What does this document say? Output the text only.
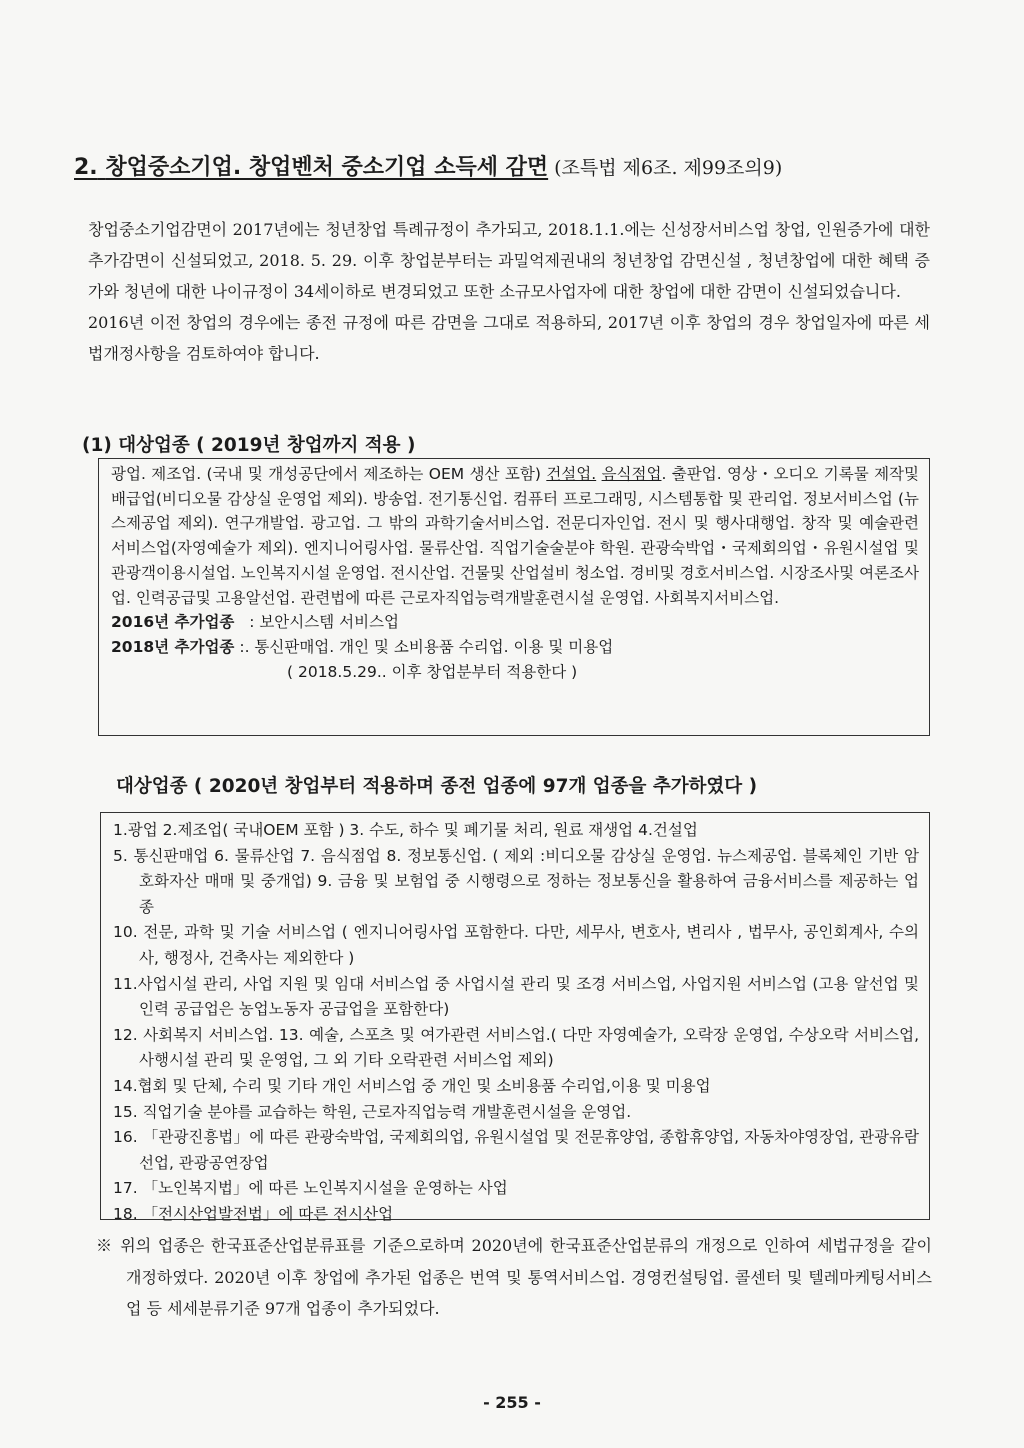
2. 창업중소기업. 창업벤처 중소기업 소득세 감면 (조특법 제6조. 제99조의9)

창업중소기업감면이 2017년에는 청년창업 특례규정이 추가되고, 2018.1.1.에는 신성장서비스업 창업, 인원증가에 대한 추가감면이 신설되었고, 2018. 5. 29. 이후 창업분부터는 과밀억제권내의 청년창업 감면신설 , 청년창업에 대한 혜택 증가와 청년에 대한 나이규정이 34세이하로 변경되었고 또한 소규모사업자에 대한 창업에 대한 감면이 신설되었습니다.

2016년 이전 창업의 경우에는 종전 규정에 따른 감면을 그대로 적용하되, 2017년 이후 창업의 경우 창업일자에 따른 세법개정사항을 검토하여야 합니다.

(1) 대상업종 ( 2019년 창업까지 적용 )

광업. 제조업. (국내 및 개성공단에서 제조하는 OEM 생산 포함) 건설업. 음식점업. 출판업. 영상・오디오 기록물 제작및 배급업(비디오물 감상실 운영업 제외). 방송업. 전기통신업. 컴퓨터 프로그래밍, 시스템통합 및 관리업. 정보서비스업 (뉴스제공업 제외). 연구개발업. 광고업. 그 밖의 과학기술서비스업. 전문디자인업. 전시 및 행사대행업. 창작 및 예술관련 서비스업(자영예술가 제외). 엔지니어링사업. 물류산업. 직업기술술분야 학원. 관광숙박업・국제회의업・유원시설업 및 관광객이용시설업. 노인복지시설 운영업. 전시산업. 건물및 산업설비 청소업. 경비및 경호서비스업. 시장조사및 여론조사업. 인력공급및 고용알선업. 관련법에 따른 근로자직업능력개발훈련시설 운영업. 사회복지서비스업.

2016년 추가업종 : 보안시스템 서비스업

2018년 추가업종 :. 통신판매업. 개인 및 소비용품 수리업. 이용 및 미용업

( 2018.5.29.. 이후 창업분부터 적용한다 )

대상업종 ( 2020년 창업부터 적용하며 종전 업종에 97개 업종을 추가하였다 )

1.광업 2.제조업( 국내OEM 포함 ) 3. 수도, 하수 및 폐기물 처리, 원료 재생업 4.건설업

5. 통신판매업 6. 물류산업 7. 음식점업 8. 정보통신업. ( 제외 :비디오물 감상실 운영업. 뉴스제공업. 블록체인 기반 암호화자산 매매 및 중개업) 9. 금융 및 보험업 중 시행령으로 정하는 정보통신을 활용하여 금융서비스를 제공하는 업종

10. 전문, 과학 및 기술 서비스업 ( 엔지니어링사업 포함한다. 다만, 세무사, 변호사, 변리사 , 법무사, 공인회계사, 수의사, 행정사, 건축사는 제외한다 )

11.사업시설 관리, 사업 지원 및 임대 서비스업 중 사업시설 관리 및 조경 서비스업, 사업지원 서비스업 (고용 알선업 및 인력 공급업은 농업노동자 공급업을 포함한다)

12. 사회복지 서비스업. 13. 예술, 스포츠 및 여가관련 서비스업.( 다만 자영예술가, 오락장 운영업, 수상오락 서비스업, 사행시설 관리 및 운영업, 그 외 기타 오락관련 서비스업 제외)

14.협회 및 단체, 수리 및 기타 개인 서비스업 중 개인 및 소비용품 수리업,이용 및 미용업

15. 직업기술 분야를 교습하는 학원, 근로자직업능력 개발훈련시설을 운영업.

16. 「관광진흥법」에 따른 관광숙박업, 국제회의업, 유원시설업 및 전문휴양업, 종합휴양업, 자동차야영장업, 관광유람선업, 관광공연장업

17. 「노인복지법」에 따른 노인복지시설을 운영하는 사업

18. 「전시산업발전법」에 따른 전시산업

※ 위의 업종은 한국표준산업분류표를 기준으로하며 2020년에 한국표준산업분류의 개정으로 인하여 세법규정을 같이 개정하였다. 2020년 이후 창업에 추가된 업종은 번역 및 통역서비스업. 경영컨설팅업. 콜센터 및 텔레마케팅서비스업 등 세세분류기준 97개 업종이 추가되었다.

- 255 -
